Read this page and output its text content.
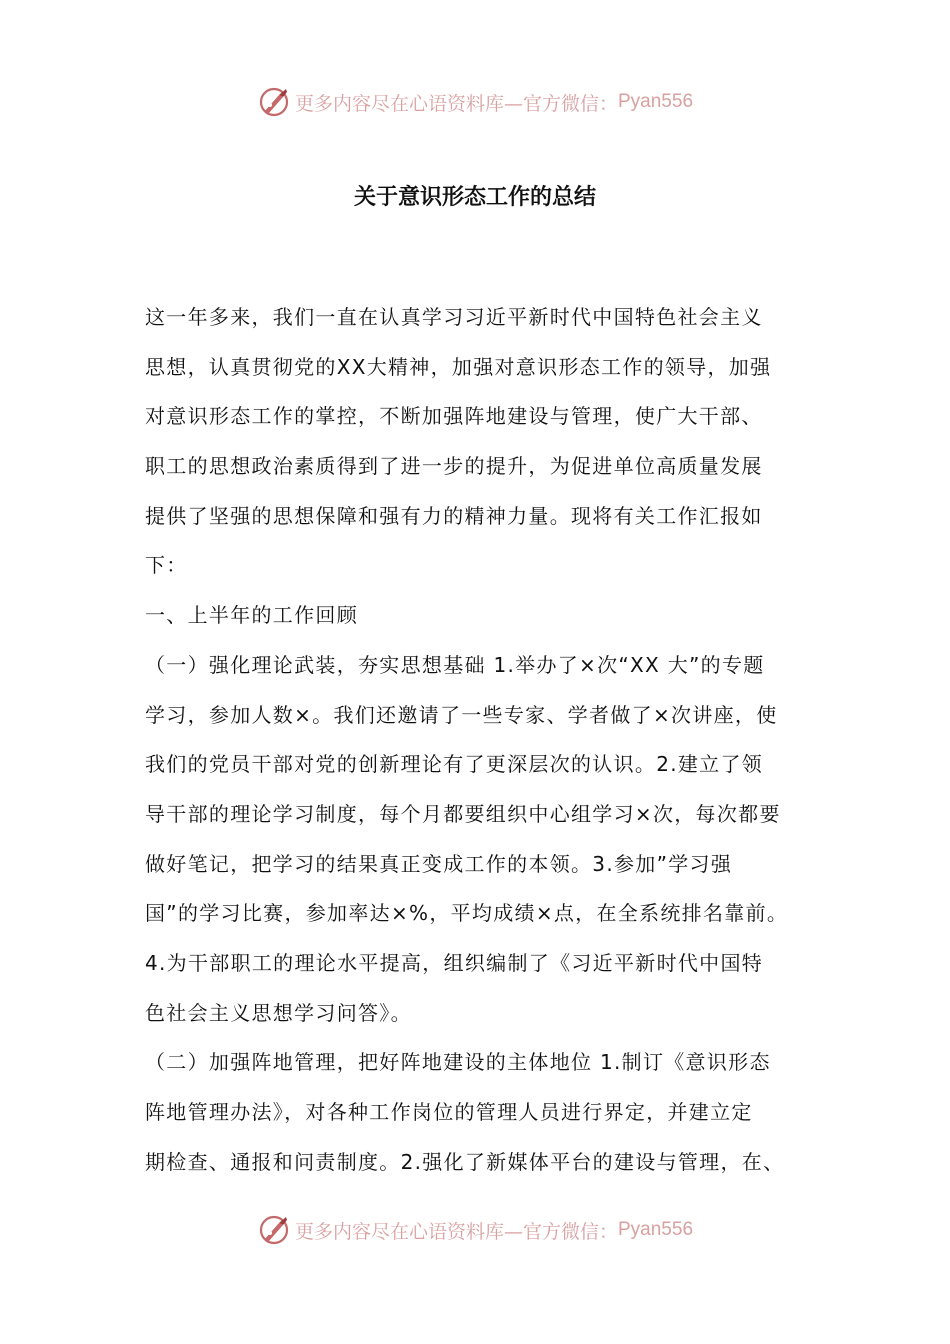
更多内容尽在心语资料库—官方微信： Pyan556
关于意识形态工作的总结
这一年多来，我们一直在认真学习习近平新时代中国特色社会主义
思想，认真贯彻党的XX大精神，加强对意识形态工作的领导，加强
对意识形态工作的掌控，不断加强阵地建设与管理，使广大干部、
职工的思想政治素质得到了进一步的提升，为促进单位高质量发展
提供了坚强的思想保障和强有力的精神力量。现将有关工作汇报如
下：
一、上半年的工作回顾
（一）强化理论武装，夯实思想基础 1.举办了×次“XX 大”的专题
学习，参加人数×。我们还邀请了一些专家、学者做了×次讲座，使
我们的党员干部对党的创新理论有了更深层次的认识。2.建立了领
导干部的理论学习制度，每个月都要组织中心组学习×次，每次都要
做好笔记，把学习的结果真正变成工作的本领。3.参加”学习强
国”的学习比赛，参加率达×%，平均成绩×点，在全系统排名靠前。
4.为干部职工的理论水平提高，组织编制了《习近平新时代中国特
色社会主义思想学习问答》。
（二）加强阵地管理，把好阵地建设的主体地位 1.制订《意识形态
阵地管理办法》，对各种工作岗位的管理人员进行界定，并建立定
期检查、通报和问责制度。2.强化了新媒体平台的建设与管理，在、
更多内容尽在心语资料库—官方微信： Pyan556
